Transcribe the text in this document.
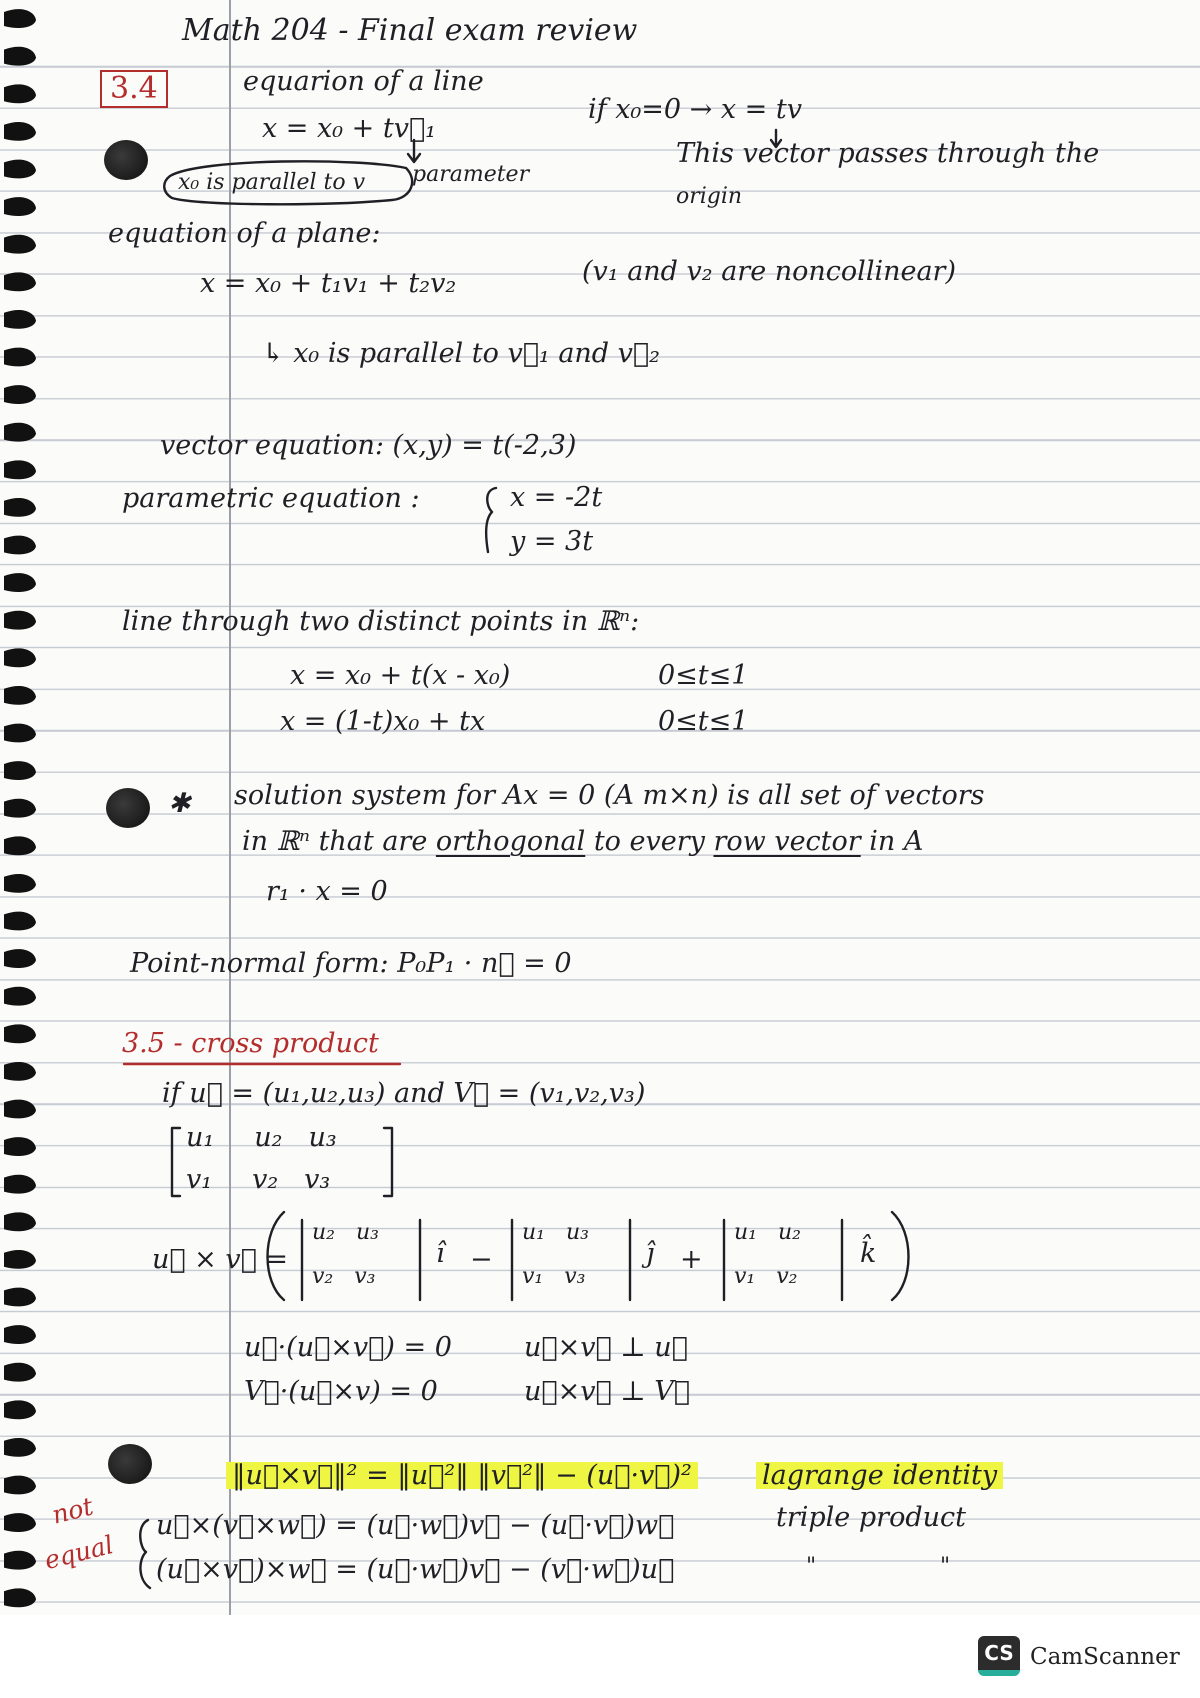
Math 204 - Final exam review
3.4	equarion of a line
x = x₀ + tv⃗₁
if x₀=0 → x = tv
x₀ is parallel to v parameter
This vector passes through the
origin
equation of a plane:
x = x₀ + t₁v₁ + t₂v₂	(v₁ and v₂ are noncollinear)
↳ x₀ is parallel to v⃗₁ and v⃗₂
vector equation: (x,y) = t(-2,3)
parametric equation :	x = -2t
y = 3t
line through two distinct points in ℝⁿ:
x = x₀ + t(x - x₀)	0≤t≤1
x = (1-t)x₀ + tx	0≤t≤1
✱ solution system for Ax = 0 (A m×n) is all set of vectors
in ℝⁿ that are orthogonal to every row vector in A
r₁ · x = 0
Point-normal form: P₀P₁ · n⃗ = 0
3.5 - cross product
if u⃗ = (u₁,u₂,u₃) and V⃗ = (v₁,v₂,v₃)
u₁ u₂ u₃
v₁ v₂ v₃
u⃗ × v⃗ =
u₂ u₃
v₂ v₃
î −
u₁ u₃
v₁ v₃
ĵ +
u₁ u₂
v₁ v₂
k̂
u⃗·(u⃗×v⃗) = 0	u⃗×v⃗ ⊥ u⃗
V⃗·(u⃗×v) = 0	u⃗×v⃗ ⊥ V⃗
‖u⃗×v⃗‖² = ‖u⃗²‖ ‖v⃗²‖ − (u⃗·v⃗)²	lagrange identity
not
equal
u⃗×(v⃗×w⃗) = (u⃗·w⃗)v⃗ − (u⃗·v⃗)w⃗	triple product
(u⃗×v⃗)×w⃗ = (u⃗·w⃗)v⃗ − (v⃗·w⃗)u⃗	"	"
CS CamScanner
